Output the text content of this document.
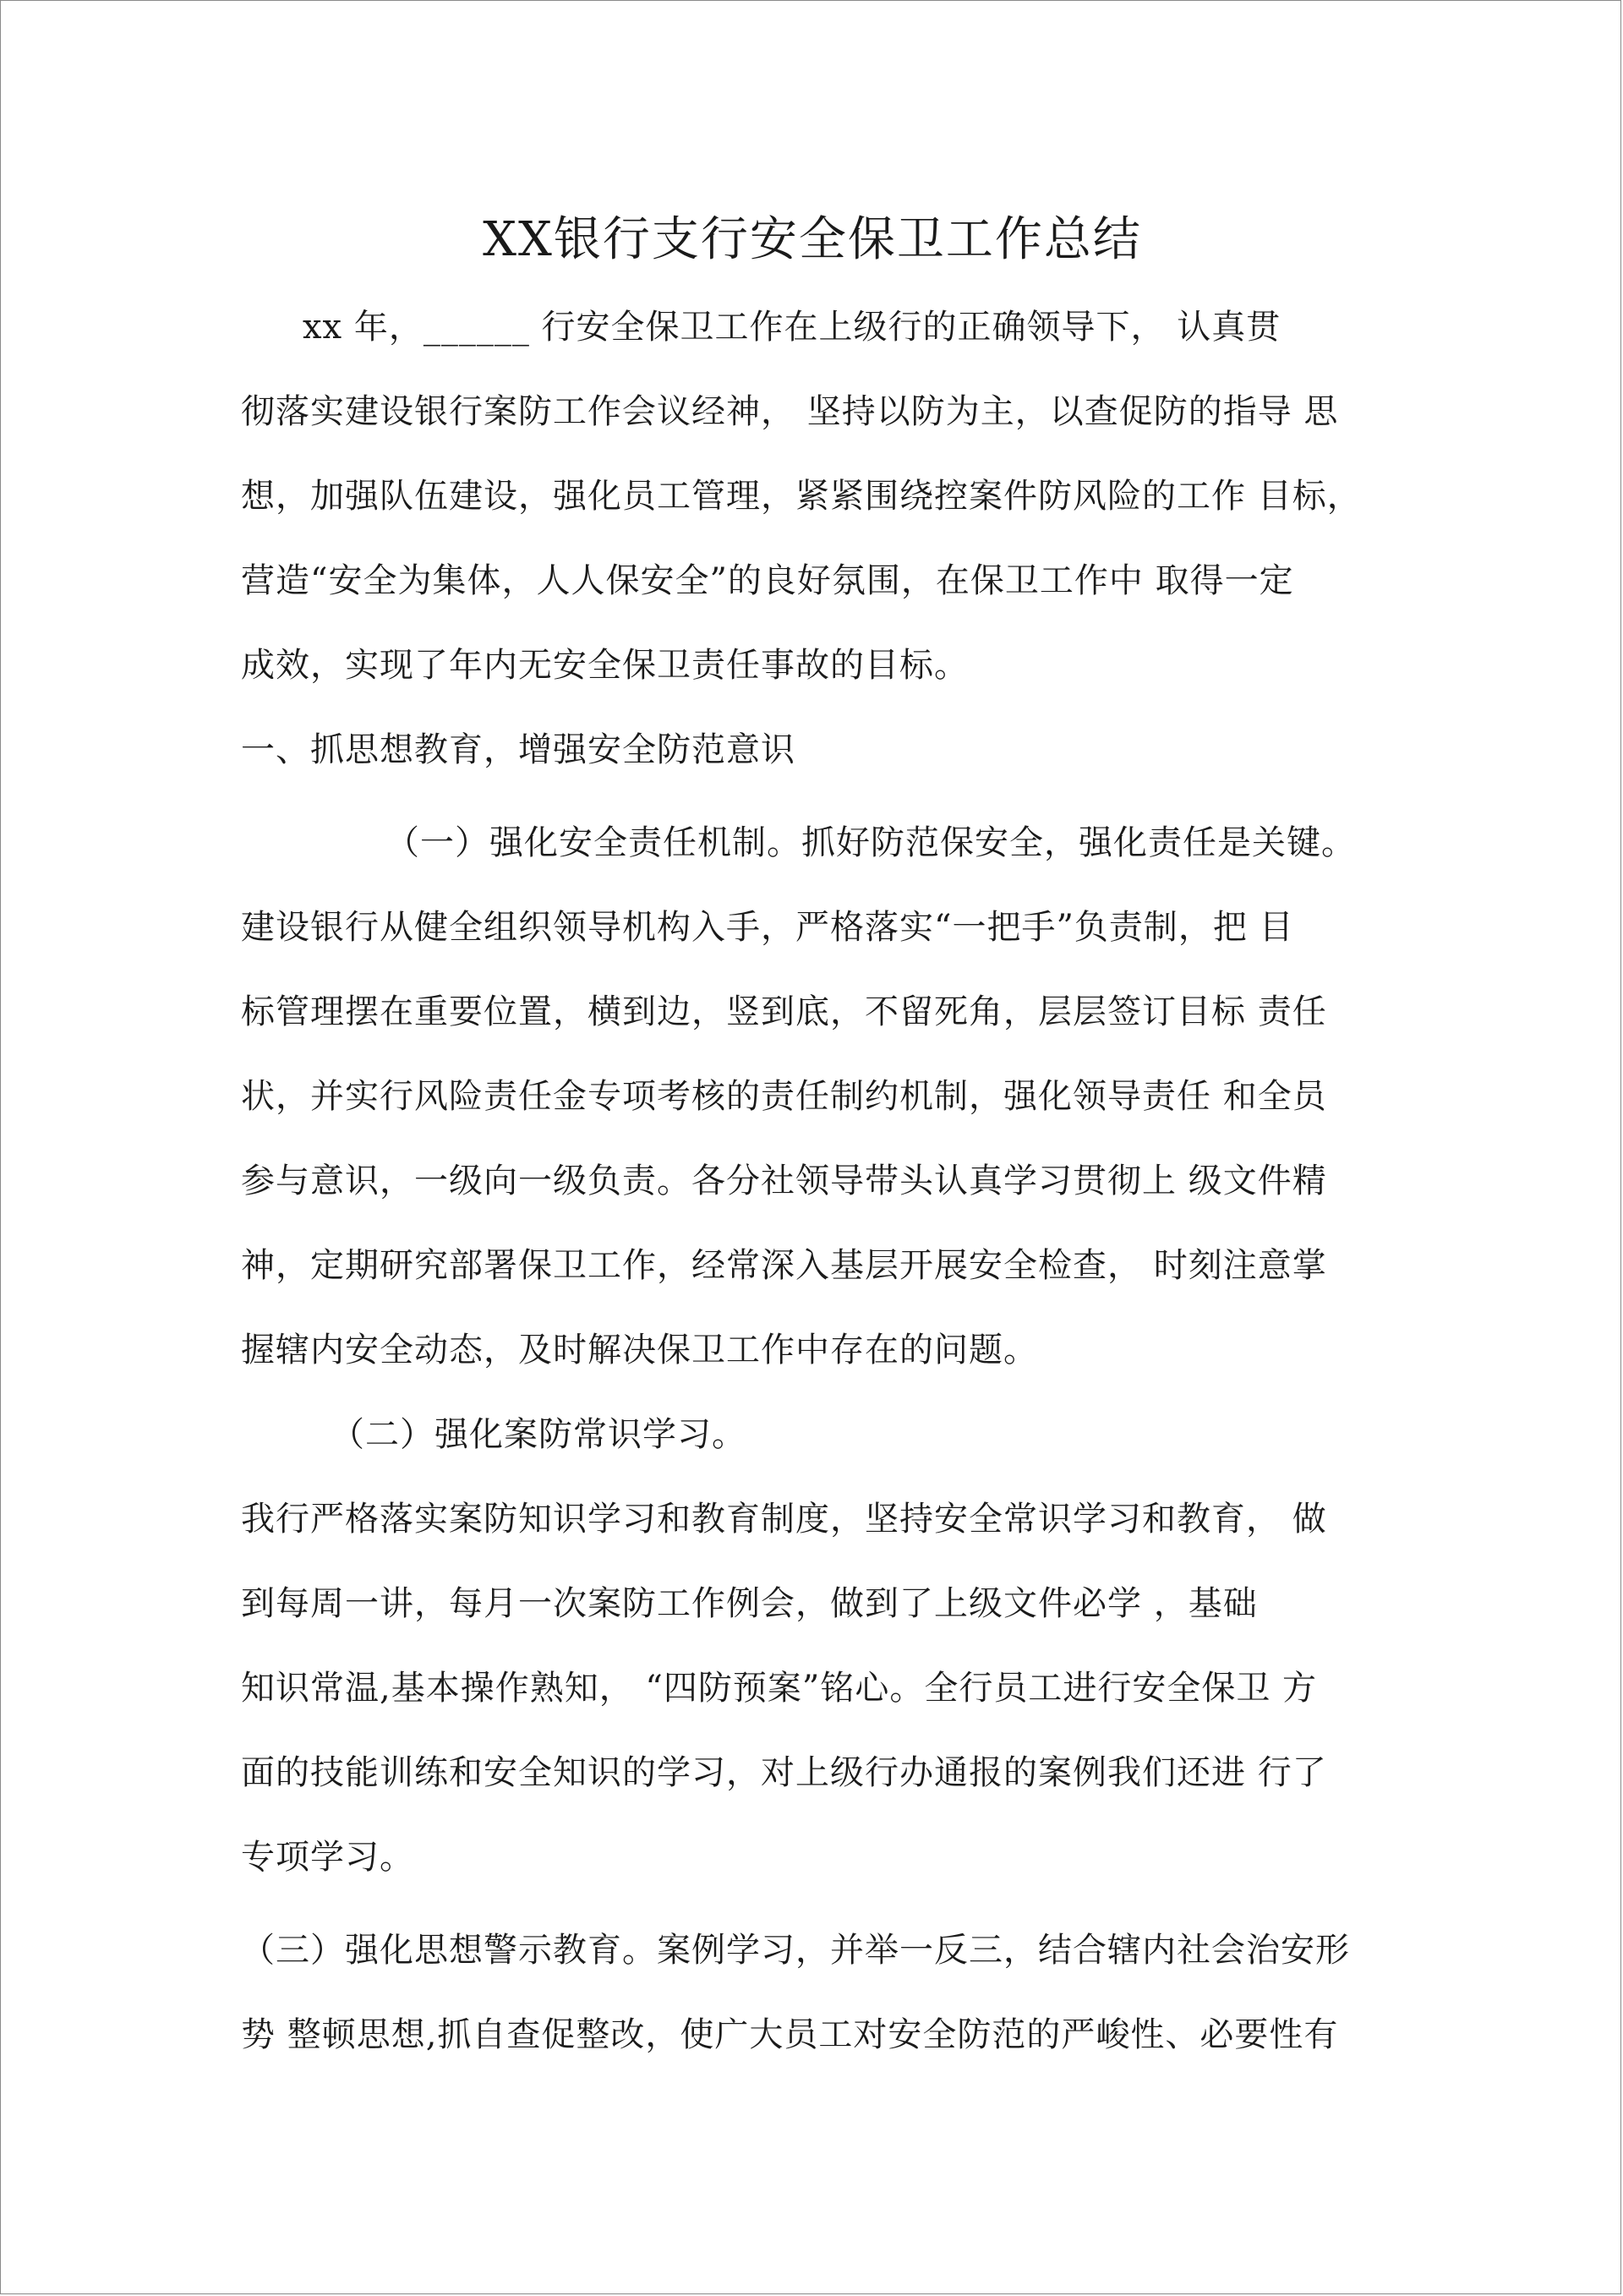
XX银行支行安全保卫工作总结
xx 年，______ 行安全保卫工作在上级行的正确领导下， 认真贯
彻落实建设银行案防工作会议经神， 坚持以防为主，以查促防的指导 思
想，加强队伍建设，强化员工管理，紧紧围绕控案件防风险的工作 目标，
营造“安全为集体，人人保安全”的良好氛围，在保卫工作中 取得一定
成效，实现了年内无安全保卫责任事故的目标。
一、抓思想教育，增强安全防范意识
（一）强化安全责任机制。抓好防范保安全，强化责任是关键。
建设银行从健全组织领导机构入手，严格落实“一把手”负责制，把 目
标管理摆在重要位置，横到边，竖到底，不留死角，层层签订目标 责任
状，并实行风险责任金专项考核的责任制约机制，强化领导责任 和全员
参与意识，一级向一级负责。各分社领导带头认真学习贯彻上 级文件精
神，定期研究部署保卫工作，经常深入基层开展安全检查， 时刻注意掌
握辖内安全动态，及时解决保卫工作中存在的问题。
（二）强化案防常识学习。
我行严格落实案防知识学习和教育制度，坚持安全常识学习和教育， 做
到每周一讲，每月一次案防工作例会，做到了上级文件必学 ，基础
知识常温,基本操作熟知， “四防预案”铭心。全行员工进行安全保卫 方
面的技能训练和安全知识的学习，对上级行办通报的案例我们还进 行了
专项学习。
（三）强化思想警示教育。案例学习，并举一反三，结合辖内社会治安形
势 整顿思想,抓自查促整改，使广大员工对安全防范的严峻性、必要性有
